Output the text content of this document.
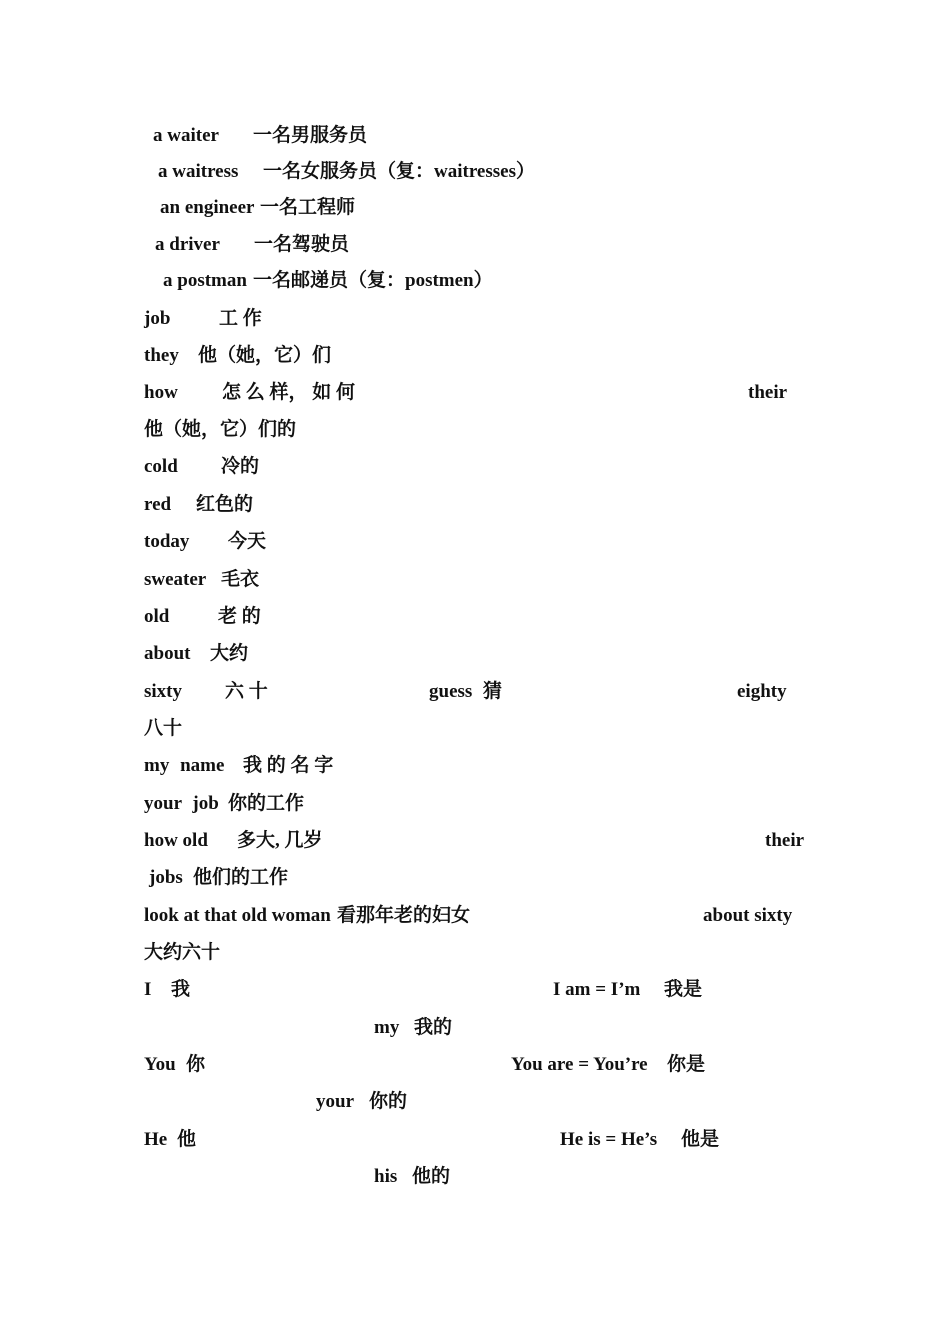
a waiter 一名男服务员
a waitress 一名女服务员（复：waitresses）
an engineer 一名工程师
a driver 一名驾驶员
a postman 一名邮递员（复：postmen）
job	工 作
they 他（她，它）们
how 怎 么 样， 如 何	their
他（她，它）们的
cold 冷的
red 红色的
today 今天
sweater 毛衣
old	老 的
about 大约
sixty 六 十	guess 猜	eighty
八十
my name 我 的 名 字
your job 你的工作
how old 多大, 几岁	their
jobs 他们的工作
look at that old woman 看那年老的妇女	about sixty
大约六十
I 我	I am = I’m 我是
my 我的
You 你	You are = You’re 你是
your 你的
He 他	He is = He’s 他是
his 他的
